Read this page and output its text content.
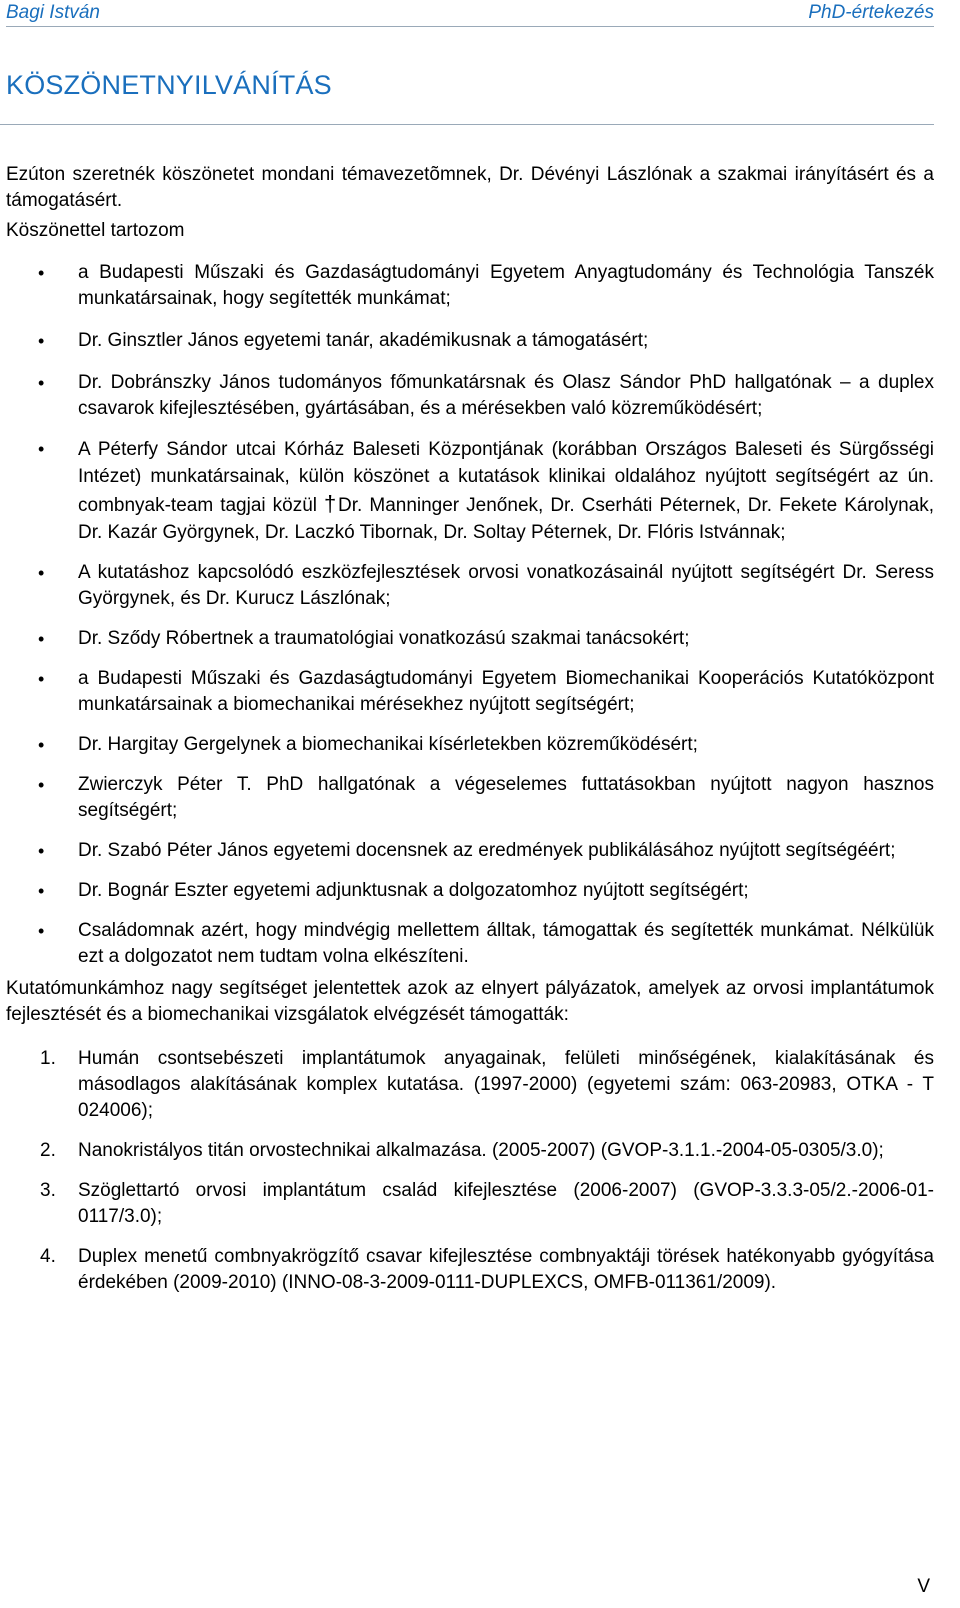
Bagi István	PhD-értekezés
KÖSZÖNETNYILVÁNÍTÁS

Ezúton szeretnék köszönetet mondani témavezetõmnek, Dr. Dévényi Lászlónak a szakmai irányításért és a támogatásért.

Köszönettel tartozom

• a Budapesti Műszaki és Gazdaságtudományi Egyetem Anyagtudomány és Technológia Tanszék munkatársainak, hogy segítették munkámat;
• Dr. Ginsztler János egyetemi tanár, akadémikusnak a támogatásért;
• Dr. Dobránszky János tudományos főmunkatársnak és Olasz Sándor PhD hallgatónak – a duplex csavarok kifejlesztésében, gyártásában, és a mérésekben való közreműködésért;
• A Péterfy Sándor utcai Kórház Baleseti Központjának (korábban Országos Baleseti és Sürgősségi Intézet) munkatársainak, külön köszönet a kutatások klinikai oldalához nyújtott segítségért az ún. combnyak-team tagjai közül †Dr. Manninger Jenőnek, Dr. Cserháti Péternek, Dr. Fekete Károlynak, Dr. Kazár Györgynek, Dr. Laczkó Tibornak, Dr. Soltay Péternek, Dr. Flóris Istvánnak;
• A kutatáshoz kapcsolódó eszközfejlesztések orvosi vonatkozásainál nyújtott segítségért Dr. Seress Györgynek, és Dr. Kurucz Lászlónak;
• Dr. Sződy Róbertnek a traumatológiai vonatkozású szakmai tanácsokért;
• a Budapesti Műszaki és Gazdaságtudományi Egyetem Biomechanikai Kooperációs Kutatóközpont munkatársainak a biomechanikai mérésekhez nyújtott segítségért;
• Dr. Hargitay Gergelynek a biomechanikai kísérletekben közreműködésért;
• Zwierczyk Péter T. PhD hallgatónak a végeselemes futtatásokban nyújtott nagyon hasznos segítségért;
• Dr. Szabó Péter János egyetemi docensnek az eredmények publikálásához nyújtott segítségéért;
• Dr. Bognár Eszter egyetemi adjunktusnak a dolgozatomhoz nyújtott segítségért;
• Családomnak azért, hogy mindvégig mellettem álltak, támogattak és segítették munkámat. Nélkülük ezt a dolgozatot nem tudtam volna elkészíteni.

Kutatómunkámhoz nagy segítséget jelentettek azok az elnyert pályázatok, amelyek az orvosi implantátumok fejlesztését és a biomechanikai vizsgálatok elvégzését támogatták:

1. Humán csontsebészeti implantátumok anyagainak, felületi minőségének, kialakításának és másodlagos alakításának komplex kutatása. (1997-2000) (egyetemi szám: 063-20983, OTKA - T 024006);
2. Nanokristályos titán orvostechnikai alkalmazása. (2005-2007) (GVOP-3.1.1.-2004-05-0305/3.0);
3. Szöglettartó orvosi implantátum család kifejlesztése (2006-2007) (GVOP-3.3.3-05/2.-2006-01-0117/3.0);
4. Duplex menetű combnyakrögzítő csavar kifejlesztése combnyaktáji törések hatékonyabb gyógyítása érdekében (2009-2010) (INNO-08-3-2009-0111-DUPLEXCS, OMFB-011361/2009).
V
